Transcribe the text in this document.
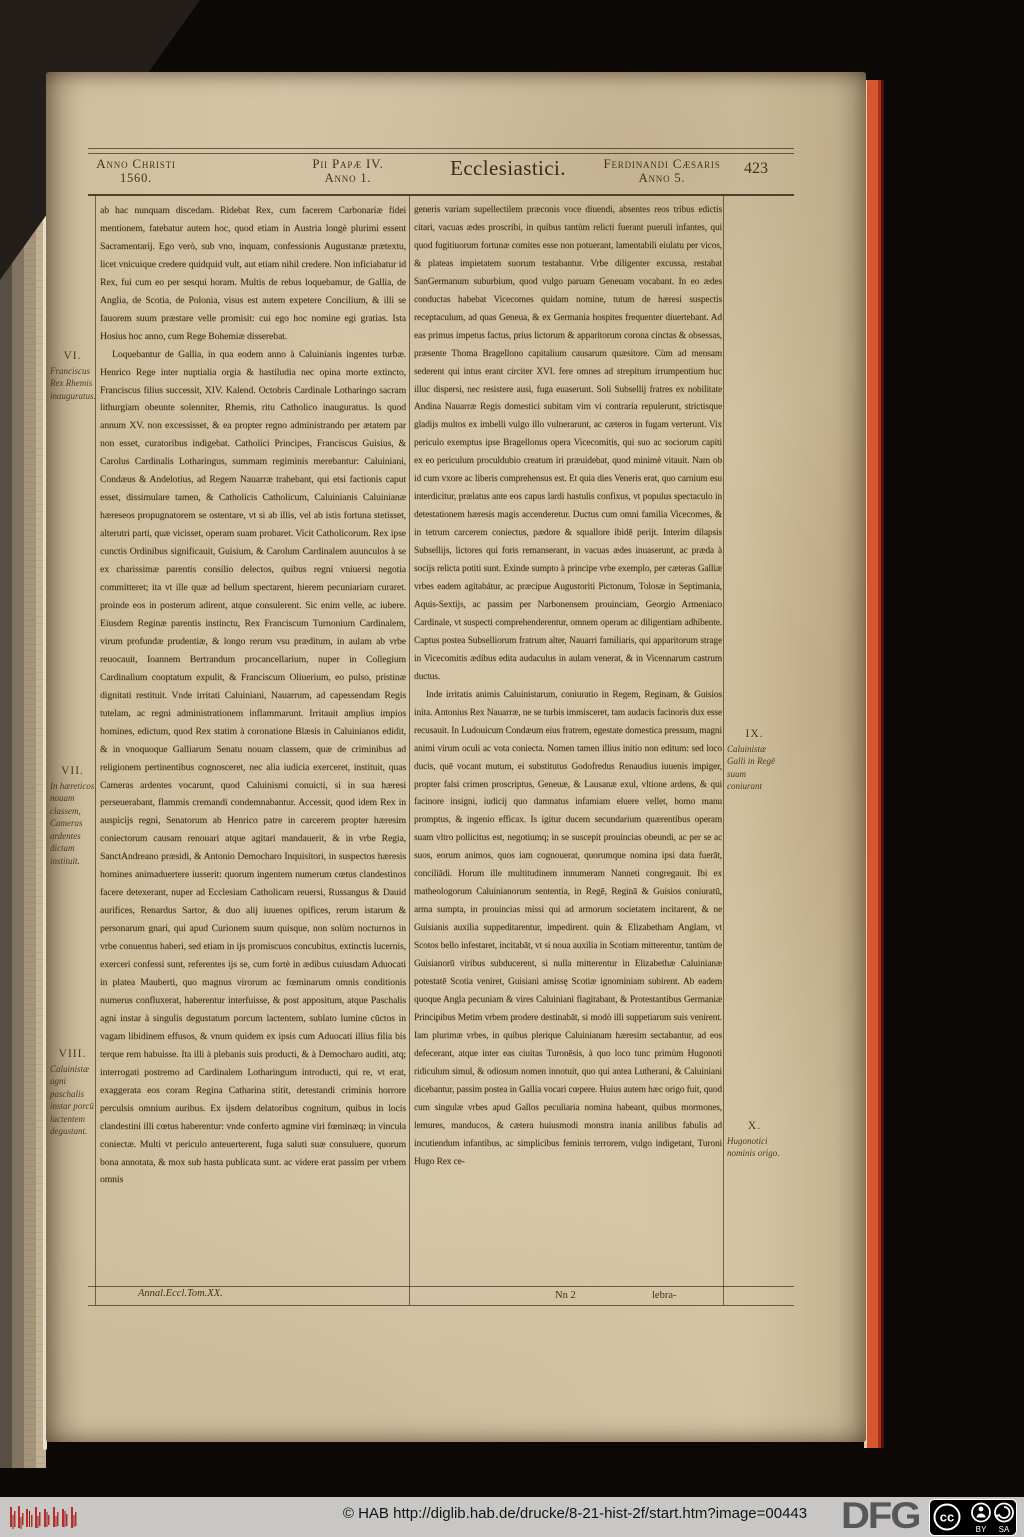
Anno Christi
1560.
Pii Papæ IV.
Anno 1.	Ecclesiastici.	Ferdinandi Cæsaris
Anno 5.
423
VI.
Franciscus Rex Rhemis inauguratus.
VII.
In hæreticos nouam classem, Cameras ardentes dictam instituit.
VIII.
Caluinistæ agni paschalis instar porcū lactentem degustant.
IX.
Caluinistæ Galli in Regē suum coniurant
X.
Hugonotici nominis origo.

ab hac nunquam discedam. Ridebat Rex, cum facerem Carbonariæ fidei mentionem, fatebatur autem hoc, quod etiam in Austria longè plurimi essent Sacramentarij. Ego verò, sub vno, inquam, confessionis Augustanæ prætextu, licet vnicuique credere quidquid vult, aut etiam nihil credere. Non inficiabatur id Rex, fui cum eo per sesqui horam. Multis de rebus loquebamur, de Gallia, de Anglia, de Scotia, de Polonia, visus est autem expetere Concilium, & illi se fauorem suum præstare velle promisit: cui ego hoc nomine egi gratias. Ista Hosius hoc anno, cum Rege Bohemiæ disserebat.

Loquebantur de Gallia, in qua eodem anno à Caluinianis ingentes turbæ. Henrico Rege inter nuptialia orgia & hastiludia nec opina morte extincto, Franciscus filius successit, XIV. Kalend. Octobris Cardinale Lotharingo sacram lithurgiam obeunte solenniter, Rhemis, ritu Catholico inauguratus. Is quod annum XV. non excessisset, & ea propter regno administrando per ætatem par non esset, curatoribus indigebat. Catholici Principes, Franciscus Guisius, & Carolus Cardinalis Lotharingus, summam regiminis merebantur: Caluiniani, Condæus & Andelotius, ad Regem Nauarræ trahebant, qui etsi factionis caput esset, dissimulare tamen, & Catholicis Catholicum, Caluinianis Caluinianæ hæreseos propugnatorem se ostentare, vt si ab illis, vel ab istis fortuna stetisset, alterutri parti, quæ vicisset, operam suam probaret. Vicit Catholicorum. Rex ipse cunctis Ordinibus significauit, Guisium, & Carolum Cardinalem auunculos à se ex charissimæ parentis consilio delectos, quibus regni vniuersi negotia committeret; ita vt ille quæ ad bellum spectarent, hierem pecuniariam curaret. proinde eos in posterum adirent, atque consulerent. Sic enim velle, ac iubere. Eiusdem Reginæ parentis instinctu, Rex Franciscum Turnonium Cardinalem, virum profundæ prudentiæ, & longo rerum vsu præditum, in aulam ab vrbe reuocauit, Ioannem Bertrandum procancellarium, nuper in Collegium Cardinalium cooptatum expulit, & Franciscum Oliuerium, eo pulso, pristinæ dignitati restituit. Vnde irritati Caluiniani, Nauarrum, ad capessendam Regis tutelam, ac regni administrationem inflammarunt. Irritauit amplius impios homines, edictum, quod Rex statim à coronatione Blæsis in Caluinianos edidit, & in vnoquoque Galliarum Senatu nouam classem, quæ de criminibus ad religionem pertinentibus cognosceret, nec alia iudicia exerceret, instituit, quas Cameras ardentes vocarunt, quod Caluinismi conuicti, si in sua hæresi perseuerabant, flammis cremandi condemnabantur. Accessit, quod idem Rex in auspicijs regni, Senatorum ab Henrico patre in carcerem propter hæresim coniectorum causam renouari atque agitari mandauerit, & in vrbe Regia, SanctAndreano præsidi, & Antonio Democharo Inquisitori, in suspectos hæresis homines animaduertere iusserit: quorum ingentem numerum cœtus clandestinos facere detexerant, nuper ad Ecclesiam Catholicam reuersi, Russangus & Dauid aurifices, Renardus Sartor, & duo alij iuuenes opifices, rerum istarum & personarum gnari, qui apud Curionem suum quisque, non solùm nocturnos in vrbe conuentus haberi, sed etiam in ijs promiscuos concubitus, extinctis lucernis, exerceri confessi sunt, referentes ijs se, cum fortè in ædibus cuiusdam Aduocati in platea Mauberti, quo magnus virorum ac fœminarum omnis conditionis numerus confluxerat, haberentur interfuisse, & post appositum, atque Paschalis agni instar à singulis degustatum porcum lactentem, sublato lumine cūctos in vagam libidinem effusos, & vnum quidem ex ipsis cum Aduocati illius filia bis terque rem habuisse. Ita illi à plebanis suis producti, & à Democharo auditi, atq; interrogati postremo ad Cardinalem Lotharingum introducti, qui re, vt erat, exaggerata eos coram Regina Catharina stitit, detestandi criminis horrore perculsis omnium auribus. Ex ijsdem delatoribus cognitum, quibus in locis clandestini illi cœtus haberentur: vnde conferto agmine viri fœminæq; in vincula coniectæ. Multi vt periculo anteuerterent, fuga saluti suæ consuluere, quorum bona annotata, & mox sub hasta publicata sunt. ac videre erat passim per vrbem omnis

generis variam supellectilem præconis voce diuendi, absentes reos tribus edictis citari, vacuas ædes proscribi, in quibus tantùm relicti fuerant pueruli infantes, qui quod fugitiuorum fortunæ comites esse non potuerant, lamentabili eiulatu per vicos, & plateas impietatem suorum testabantur. Vrbe diligenter excussa, restabat SanGermanum suburbium, quod vulgo paruam Geneuam vocabant. In eo ædes conductas habebat Vicecomes quidam nomine, tutum de hæresi suspectis receptaculum, ad quas Geneua, & ex Germania hospites frequenter diuertebant. Ad eas primus impetus factus, prius lictorum & apparitorum corona cinctas & obsessas, præsente Thoma Bragellono capitalium causarum quæsitore. Cùm ad mensam sederent qui intus erant circiter XVI. fere omnes ad strepitum irrumpentium huc illuc dispersi, nec resistere ausi, fuga euaserunt. Soli Subsellij fratres ex nobilitate Andina Nauarræ Regis domestici subitam vim vi contraria repulerunt, strictisque gladijs multos ex imbelli vulgo illo vulnerarunt, ac cæteros in fugam verterunt. Vix periculo exemptus ipse Bragellonus opera Vicecomitis, qui suo ac sociorum capiti ex eo periculum proculdubio creatum iri præuidebat, quod minimè vitauit. Nam ob id cum vxore ac liberis comprehensus est. Et quia dies Veneris erat, quo carnium esu interdicitur, prælatus ante eos capus lardi hastulis confixus, vt populus spectaculo in detestationem hæresis magis accenderetur. Ductus cum omni familia Vicecomes, & in tetrum carcerem coniectus, pædore & squallore ibidē perijt. Interim dilapsis Subsellijs, lictores qui foris remanserant, in vacuas ædes inuaserunt, ac præda à socijs relicta potiti sunt. Exinde sumpto à principe vrbe exemplo, per cæteras Galliæ vrbes eadem agitabátur, ac præcipue Augustoriti Pictonum, Tolosæ in Septimania, Aquis-Sextijs, ac passim per Narbonensem prouinciam, Georgio Armeniaco Cardinale, vt suspecti comprehenderentur, omnem operam ac diligentiam adhibente. Captus postea Subselliorum fratrum alter, Nauarri familiaris, qui apparitorum strage in Vicecomitis ædibus edita audaculus in aulam venerat, & in Vicennarum castrum ductus.

Inde irritatis animis Caluinistarum, coniuratio in Regem, Reginam, & Guisios inita. Antonius Rex Nauarræ, ne se turbis immisceret, tam audacis facinoris dux esse recusauit. In Ludouicum Condæum eius fratrem, egestate domestica pressum, magni animi virum oculi ac vota coniecta. Nomen tamen illius initio non editum: sed loco ducis, quē vocant mutum, ei substitutus Godofredus Renaudius iuuenis impiger, propter falsi crimen proscriptus, Geneuæ, & Lausanæ exul, vltione ardens, & qui facinore insigni, iudicij quo damnatus infamiam eluere vellet, homo manu promptus, & ingenio efficax. Is igitur ducem secundarium quærentibus operam suam vltro pollicitus est, negotiumq; in se suscepit prouincias obeundi, ac per se ac suos, eorum animos, quos iam cognouerat, quorumque nomina ipsi data fuerāt, conciliādi. Horum ille multitudinem innumeram Nanneti congregauit. Ibi ex matheologorum Caluinianorum sententia, in Regē, Reginā & Guisios coniuratū, arma sumpta, in prouincias missi qui ad armorum societatem incitarent, & ne Guisianis auxilia suppeditarentur, impedirent. quin & Elizabetham Anglam, vt Scotos bello infestaret, incitabāt, vt si noua auxilia in Scotiam mitterentur, tantùm de Guisianorū viribus subducerent, si nulla mitterentur in Elizabethæ Caluinianæ potestatē Scotia veniret, Guisiani amissę Scotiæ ignominiam subirent. Ab eadem quoque Angla pecuniam & vires Caluiniani flagitabant, & Protestantibus Germaniæ Principibus Metim vrbem prodere destinabāt, si modò illi suppetiarum suis venirent. Iam plurimæ vrbes, in quibus plerique Caluinianam hæresim sectabantur, ad eos defecerant, atque inter eas ciuitas Turonēsis, à quo loco tunc primùm Hugonoti ridiculum simul, & odiosum nomen innotuit, quo qui antea Lutherani, & Caluiniani dicebantur, passim postea in Gallia vocari cœpere. Huius autem hæc origo fuit, quod cum singulæ vrbes apud Gallos peculiaria nomina habeant, quibus mormones, lemures, manducos, & cætera huiusmodi monstra inania anilibus fabulis ad incutiendum infantibus, ac simplicibus feminis terrorem, vulgo indigetant, Turoni Hugo Rex ce-

Annal.Eccl.Tom.XX.	Nn 2	lebra-
© HAB http://diglib.hab.de/drucke/8-21-hist-2f/start.htm?image=00443 DFG cc
BY SA
